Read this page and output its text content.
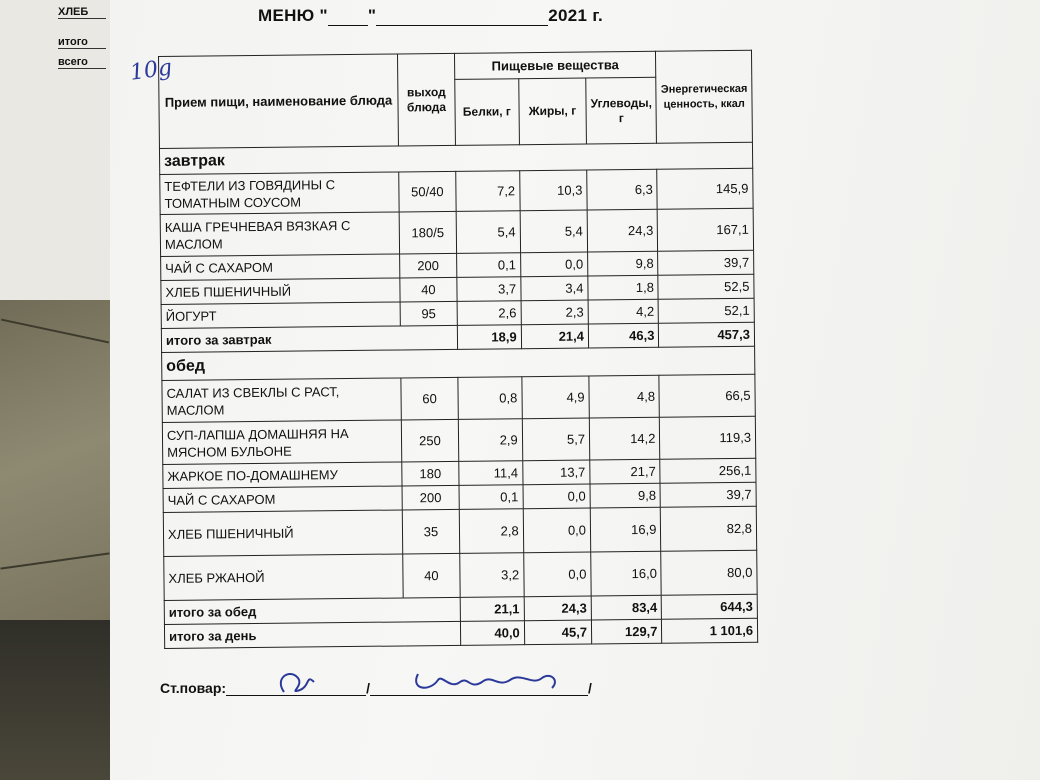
ХЛЕБ
итого
всего
МЕНЮ " "	2021 г.
10g
Прием пищи, наименование блюда	выход блюда	Пищевые вещества			Энергетическая ценность, ккал
		Белки, г	Жиры, г	Углеводы, г	
завтрак					
ТЕФТЕЛИ ИЗ ГОВЯДИНЫ С ТОМАТНЫМ СОУСОМ	50/40	7,2	10,3	6,3	145,9
КАША ГРЕЧНЕВАЯ ВЯЗКАЯ С МАСЛОМ	180/5	5,4	5,4	24,3	167,1
ЧАЙ С САХАРОМ	200	0,1	0,0	9,8	39,7
ХЛЕБ ПШЕНИЧНЫЙ	40	3,7	3,4	1,8	52,5
ЙОГУРТ	95	2,6	2,3	4,2	52,1
итого за завтрак		18,9	21,4	46,3	457,3
обед					
САЛАТ ИЗ СВЕКЛЫ С РАСТ, МАСЛОМ	60	0,8	4,9	4,8	66,5
СУП-ЛАПША ДОМАШНЯЯ НА МЯСНОМ БУЛЬОНЕ	250	2,9	5,7	14,2	119,3
ЖАРКОЕ ПО-ДОМАШНЕМУ	180	11,4	13,7	21,7	256,1
ЧАЙ С САХАРОМ	200	0,1	0,0	9,8	39,7
ХЛЕБ ПШЕНИЧНЫЙ	35	2,8	0,0	16,9	82,8
ХЛЕБ РЖАНОЙ	40	3,2	0,0	16,0	80,0
итого за обед		21,1	24,3	83,4	644,3
итого за день		40,0	45,7	129,7	1 101,6
Ст.повар:	/	/
